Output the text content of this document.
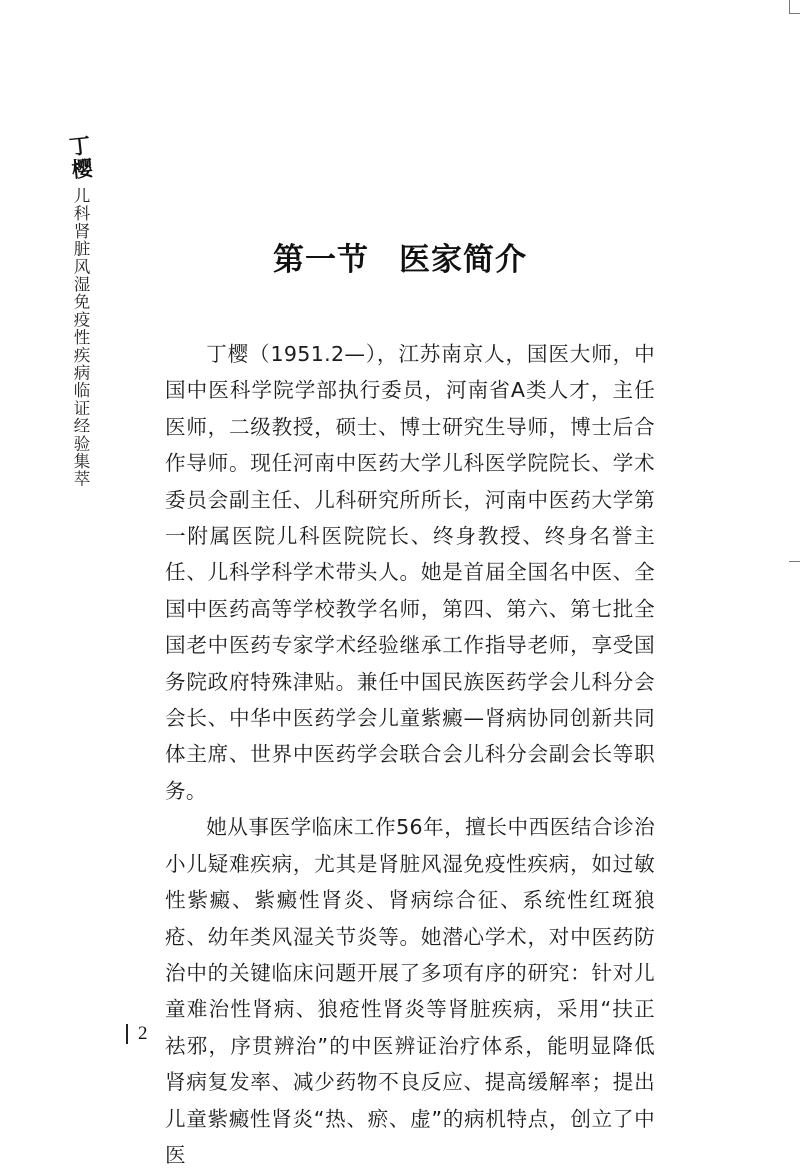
丁樱
儿科肾脏风湿免疫性疾病临证经验集萃	第一节 医家简介

丁樱（1951.2—），江苏南京人，国医大师，中国中医科学院学部执行委员，河南省A类人才，主任医师，二级教授，硕士、博士研究生导师，博士后合作导师。现任河南中医药大学儿科医学院院长、学术委员会副主任、儿科研究所所长，河南中医药大学第一附属医院儿科医院院长、终身教授、终身名誉主任、儿科学科学术带头人。她是首届全国名中医、全国中医药高等学校教学名师，第四、第六、第七批全国老中医药专家学术经验继承工作指导老师，享受国务院政府特殊津贴。兼任中国民族医药学会儿科分会会长、中华中医药学会儿童紫癜—肾病协同创新共同体主席、世界中医药学会联合会儿科分会副会长等职务。

她从事医学临床工作56年，擅长中西医结合诊治小儿疑难疾病，尤其是肾脏风湿免疫性疾病，如过敏性紫癜、紫癜性肾炎、肾病综合征、系统性红斑狼疮、幼年类风湿关节炎等。她潜心学术，对中医药防治中的关键临床问题开展了多项有序的研究：针对儿童难治性肾病、狼疮性肾炎等肾脏疾病，采用“扶正祛邪，序贯辨治”的中医辨证治疗体系，能明显降低肾病复发率、减少药物不良反应、提高缓解率；提出儿童紫癜性肾炎“热、瘀、虚”的病机特点，创立了中医

2
